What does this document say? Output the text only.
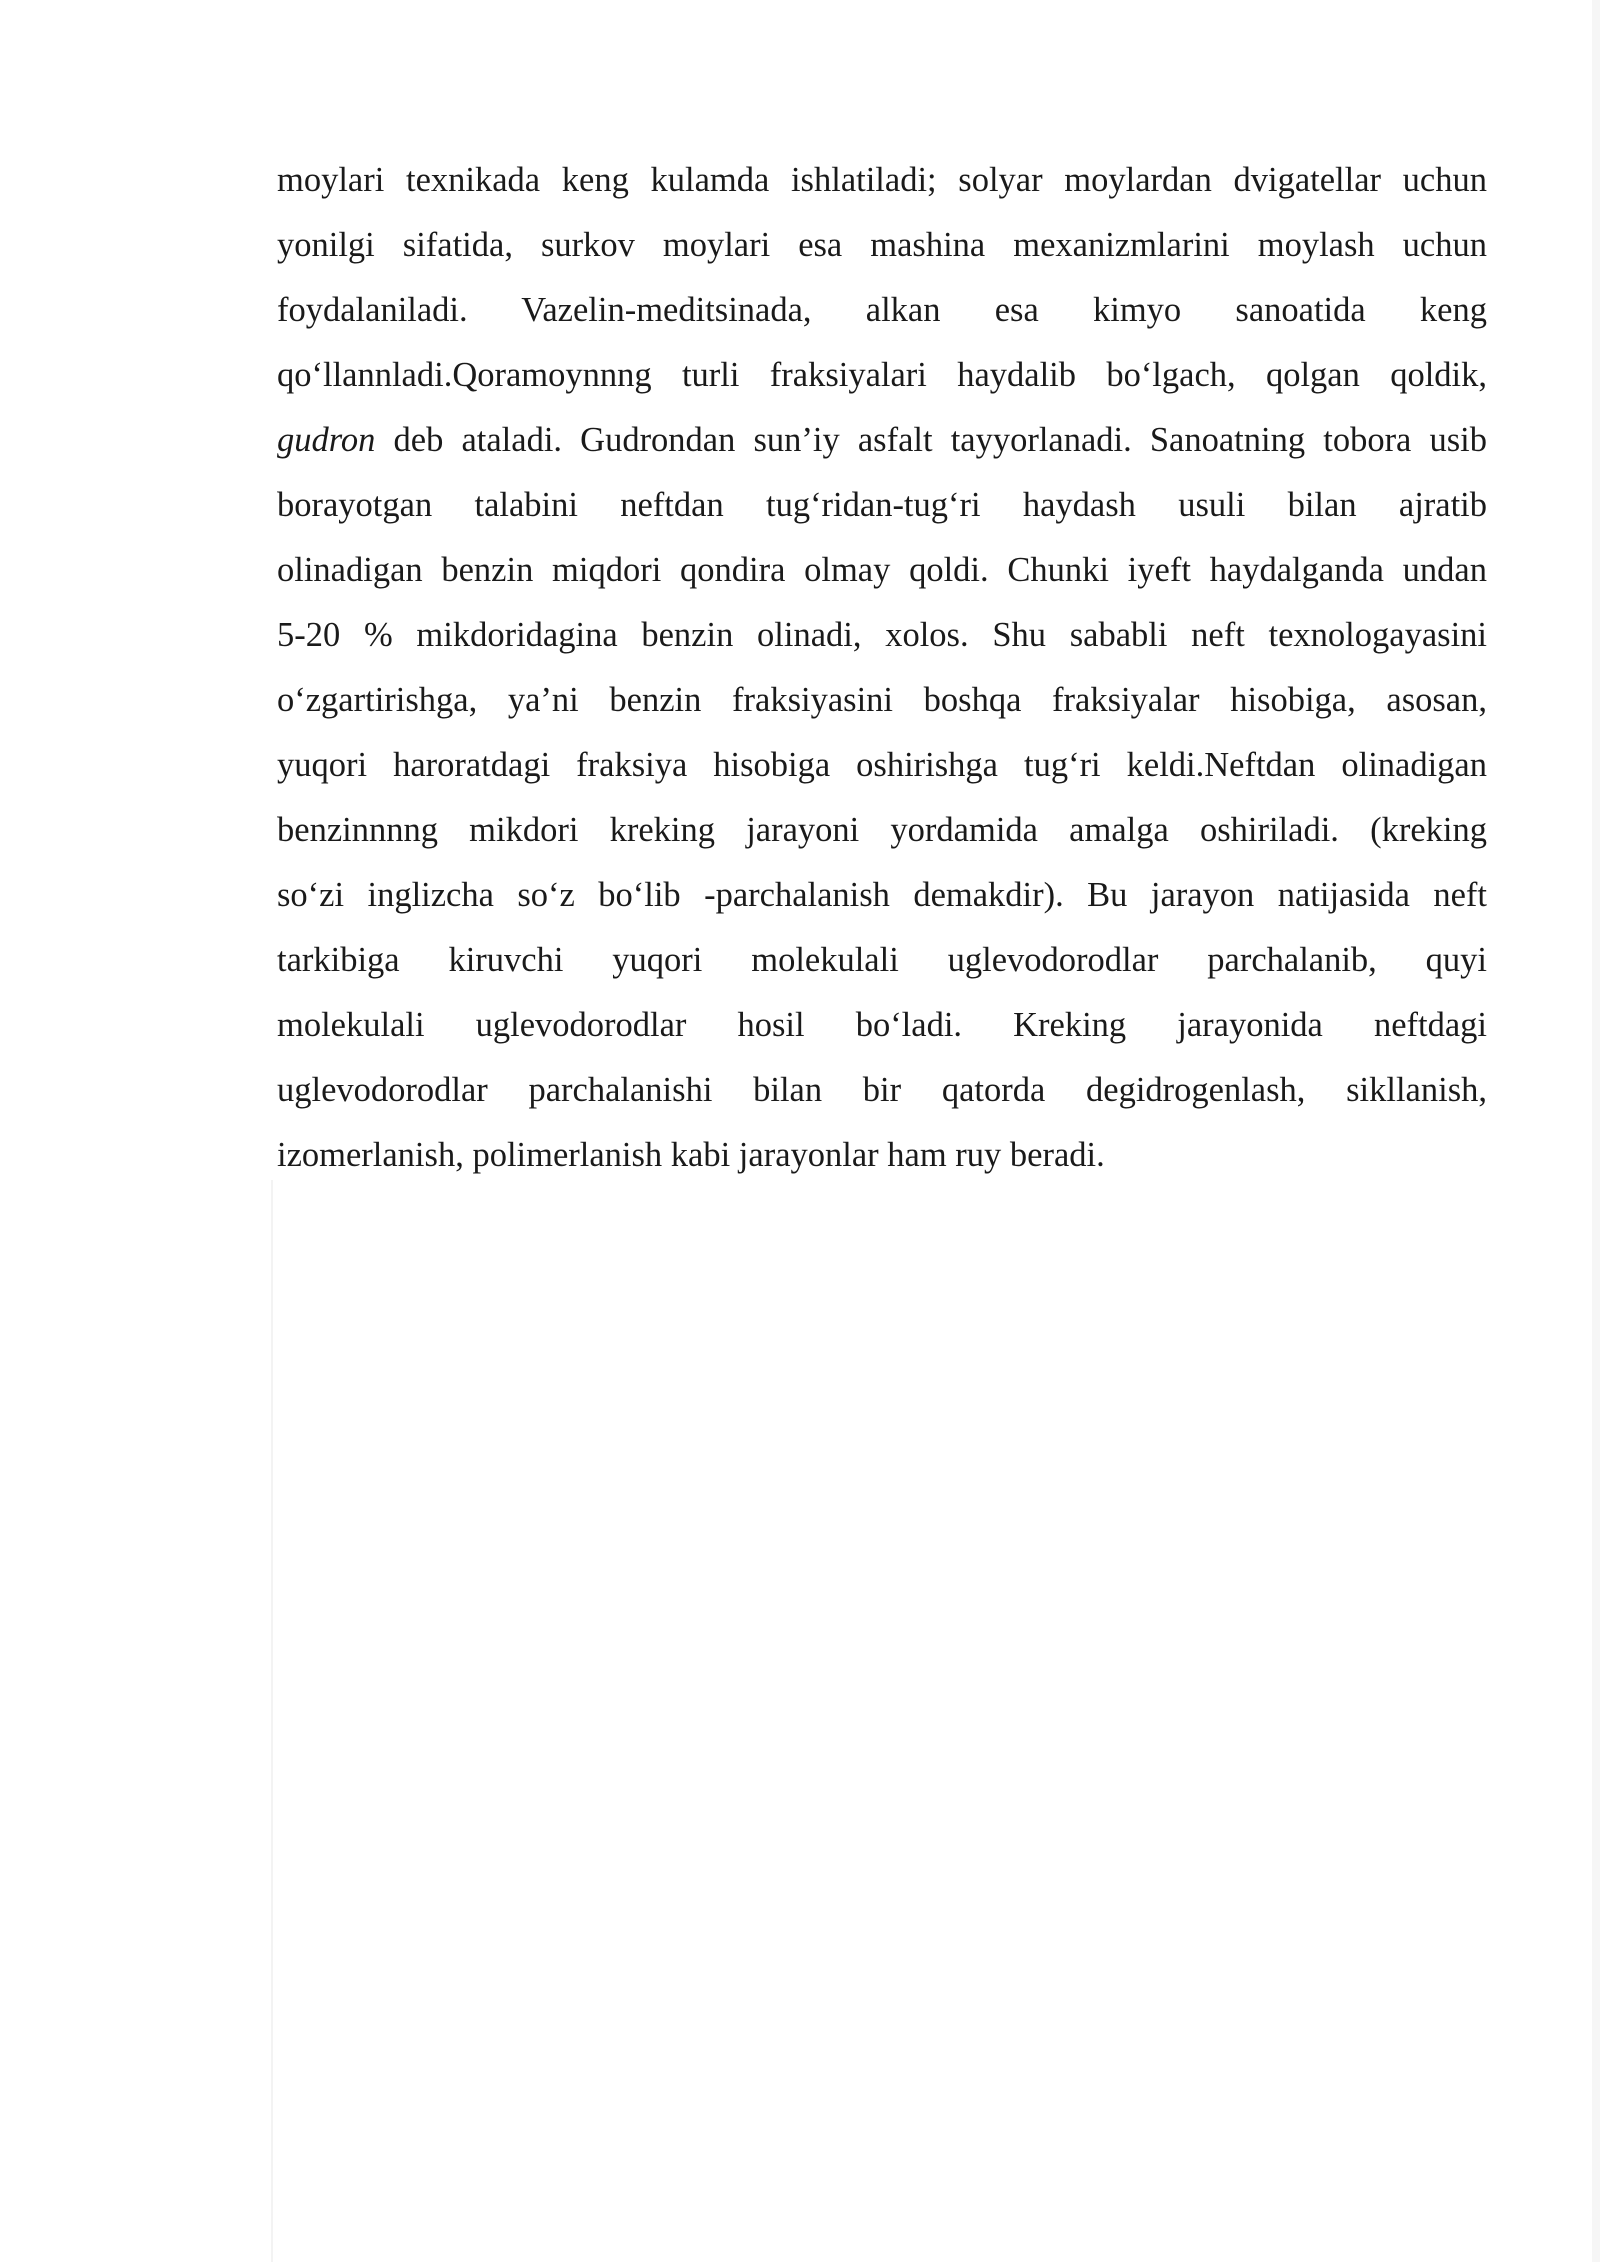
moylari texnikada keng kulamda ishlatiladi; solyar moylardan dvigatellar uchun
yonilgi sifatida, surkov moylari esa mashina mexanizmlarini moylash uchun
foydalaniladi. Vazelin-meditsinada, alkan esa kimyo sanoatida keng
qo‘llannladi.Qoramoynnng turli fraksiyalari haydalib bo‘lgach, qolgan qoldik,
gudron deb ataladi. Gudrondan sun’iy asfalt tayyorlanadi. Sanoatning tobora usib
borayotgan talabini neftdan tug‘ridan-tug‘ri haydash usuli bilan ajratib
olinadigan benzin miqdori qondira olmay qoldi. Chunki iyeft haydalganda undan
5-20 % mikdoridagina benzin olinadi, xolos. Shu sababli neft texnologayasini
o‘zgartirishga, ya’ni benzin fraksiyasini boshqa fraksiyalar hisobiga, asosan,
yuqori haroratdagi fraksiya hisobiga oshirishga tug‘ri keldi.Neftdan olinadigan
benzinnnng mikdori kreking jarayoni yordamida amalga oshiriladi. (kreking
so‘zi inglizcha so‘z bo‘lib -parchalanish demakdir). Bu jarayon natijasida neft
tarkibiga kiruvchi yuqori molekulali uglevodorodlar parchalanib, quyi
molekulali uglevodorodlar hosil bo‘ladi. Kreking jarayonida neftdagi
uglevodorodlar parchalanishi bilan bir qatorda degidrogenlash, sikllanish,
izomerlanish, polimerlanish kabi jarayonlar ham ruy beradi.
